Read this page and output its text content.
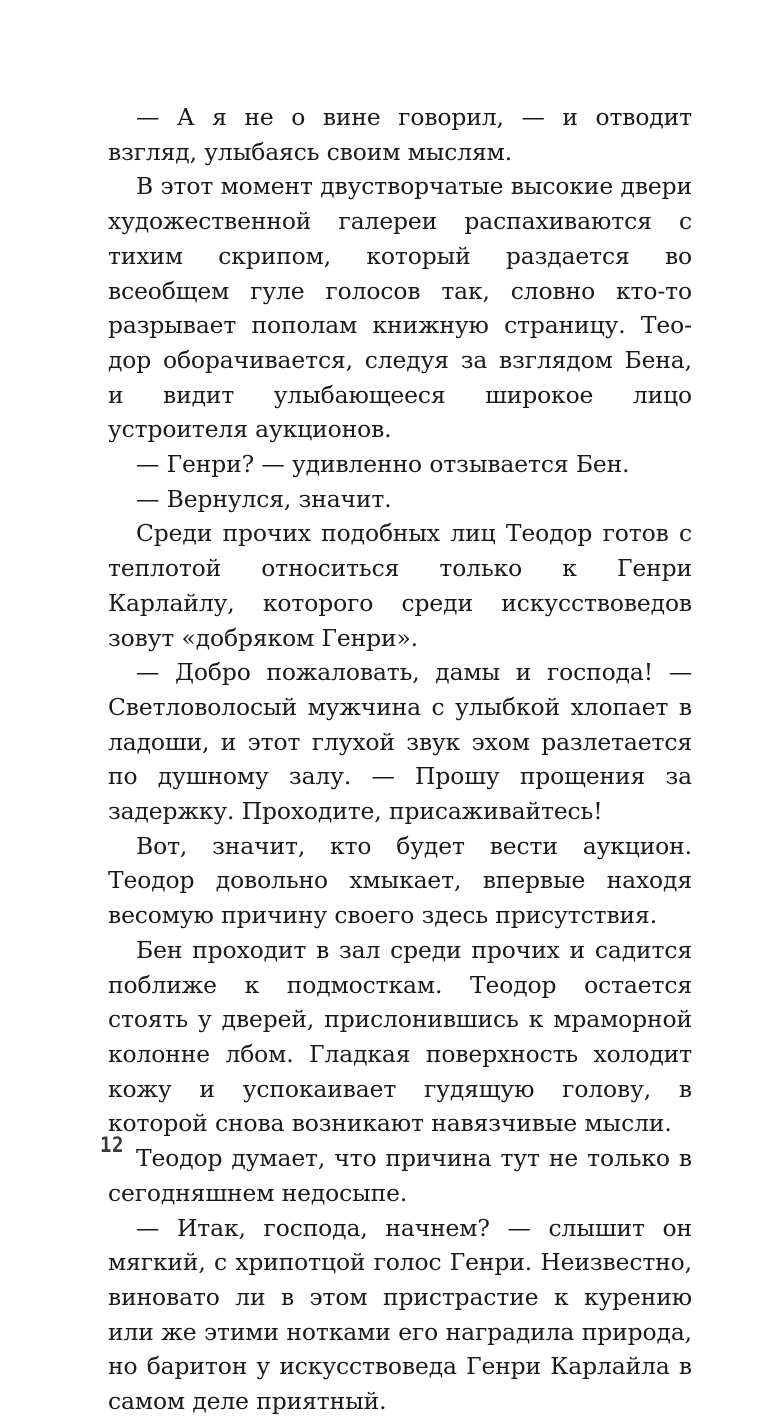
— А я не о вине говорил, — и отводит взгляд, улыбаясь своим мыслям.

В этот момент двустворчатые высокие двери художественной галереи распахиваются с тихим скрипом, который раздается во всеобщем гуле голосов так, словно кто-то разрывает пополам книжную страницу. Теодор оборачивается, следуя за взглядом Бена, и видит улыбающееся широкое лицо устроителя аукционов.

— Генри? — удивленно отзывается Бен.

— Вернулся, значит.

Среди прочих подобных лиц Теодор готов с теплотой относиться только к Генри Карлайлу, которого среди искусствоведов зовут «добряком Генри».

— Добро пожаловать, дамы и господа! — Светловолосый мужчина с улыбкой хлопает в ладоши, и этот глухой звук эхом разлетается по душному залу. — Прошу прощения за задержку. Проходите, присаживайтесь!

Вот, значит, кто будет вести аукцион. Теодор довольно хмыкает, впервые находя весомую причину своего здесь присутствия.

Бен проходит в зал среди прочих и садится поближе к подмосткам. Теодор остается стоять у дверей, прислонившись к мраморной колонне лбом. Гладкая поверхность холодит кожу и успокаивает гудящую голову, в которой снова возникают навязчивые мысли.

Теодор думает, что причина тут не только в сегодняшнем недосыпе.

— Итак, господа, начнем? — слышит он мягкий, с хрипотцой голос Генри. Неизвестно, виновато ли в этом пристрастие к курению или же этими нотками его наградила природа, но баритон у искусствоведа Генри Карлайла в самом деле приятный.

12
